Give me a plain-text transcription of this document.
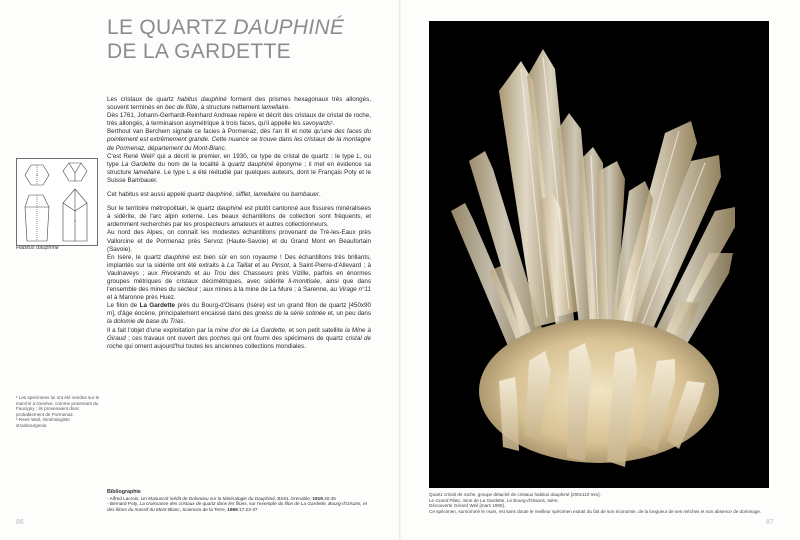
LE QUARTZ DAUPHINÉ
DE LA GARDETTE

Les cristaux de quartz habitus dauphiné forment des prismes hexagonaux très allongés, souvent terminés en bec de flûte, à structure nettement lamellaire.

Dès 1761, Johann-Gerhardt-Reinhard Andreae repère et décrit des cristaux de cristal de roche, très allongés, à terminaison asymétrique à trois faces, qu'il appelle les savoyards¹.

Berthout van Berchem signale ce facies à Pormenaz, dès l'an III et note qu'une des faces du pointement est extrêmement grande. Cette nuance se trouve dans les cristaux de la montagne de Pormenaz, département du Mont-Blanc.

C'est René Weil² qui a décrit le premier, en 1930, ce type de cristal de quartz : le type L, ou type La Gardette du nom de la localité à quartz dauphiné éponyme ; il met en évidence sa structure lamellaire. Le type L a été réétudié par quelques auteurs, dont le Français Poty et le Suisse Bambauer.

Cet habitus est aussi appelé quartz dauphiné, sifflet, lamellaire ou bambauer.

Sur le territoire métropolitain, le quartz dauphiné est plutôt cantonné aux fissures minéralisées à sidérite, de l'arc alpin externe. Les beaux échantillons de collection sont fréquents, et ardemment recherchés par les prospecteurs amateurs et autres collectionneurs.

Au nord des Alpes, on connaît les modestes échantillons provenant de Tré-les-Eaux près Vallorcine et de Pormenaz près Servoz (Haute-Savoie) et du Grand Mont en Beaufortain (Savoie).

En Isère, le quartz dauphiné est bien sûr en son royaume ! Des échantillons très brillants, implantés sur la sidérite ont été extraits à La Taillat et au Pinsot, à Saint-Pierre-d'Allevard ; à Vaulnaveys ; aux Rivoirands et au Trou des Chasseurs près Vizille, parfois en énormes groupes métriques de cristaux décimétriques, avec sidérite li-monitisée, ainsi que dans l'ensemble des mines du secteur ; aux mines à la mine de La Mure ; à Sarenne, au Virage n°11 et à Maronne près Huez.

Le filon de La Gardette près du Bourg-d'Oisans (Isère) est un grand filon de quartz [450x90 m], d'âge éocène, principalement encaissé dans des gneiss de la série sotinée et, un peu dans la dolomie de base du Trias.

Il a fait l'objet d'une exploitation par la mine d'or de La Gardette, et son petit satellite la Mine à Giraud ; ces travaux ont ouvert des poches qui ont fourni des spécimens de quartz cristal de roche qui ornent aujourd'hui toutes les anciennes collections mondiales.

Habitus dauphiné
¹ Les spécimens lui ont été vendus sur le marché à Genève, comme provenant du Faucigny ; ils provenaient donc probablement de Pormenaz.
² René Weil, minéralogiste strasbourgeois.
Bibliographie
- Alfred Lacroix, Un Manuscrit inédit de Dolomieu sur la Minéralogie du Dauphiné, BSSL Grenoble, 1919,40:45
- Bernard Poty, La croissance des cristaux de quartz dans les filons, sur l'exemple du filon de La Gardette, Bourg-d'Oisans, et des filons du massif du Mont-Blanc, Sciences de la Terre, 1969:17:23-37
86
Quartz cristal de roche, groupe détaché de cristaux habitus dauphiné [200x110 mm].
Le Grand Plato, mine de La Gardette, Le Bourg-d'Oisans, Isère.
Découverte Gérard Weil [mars 1990].
Ce spécimen, surnommé le main, est sans doute le meilleur spécimen extrait du fait de son économie, de la longueur de ses mèches et son absence de dommage.
87
